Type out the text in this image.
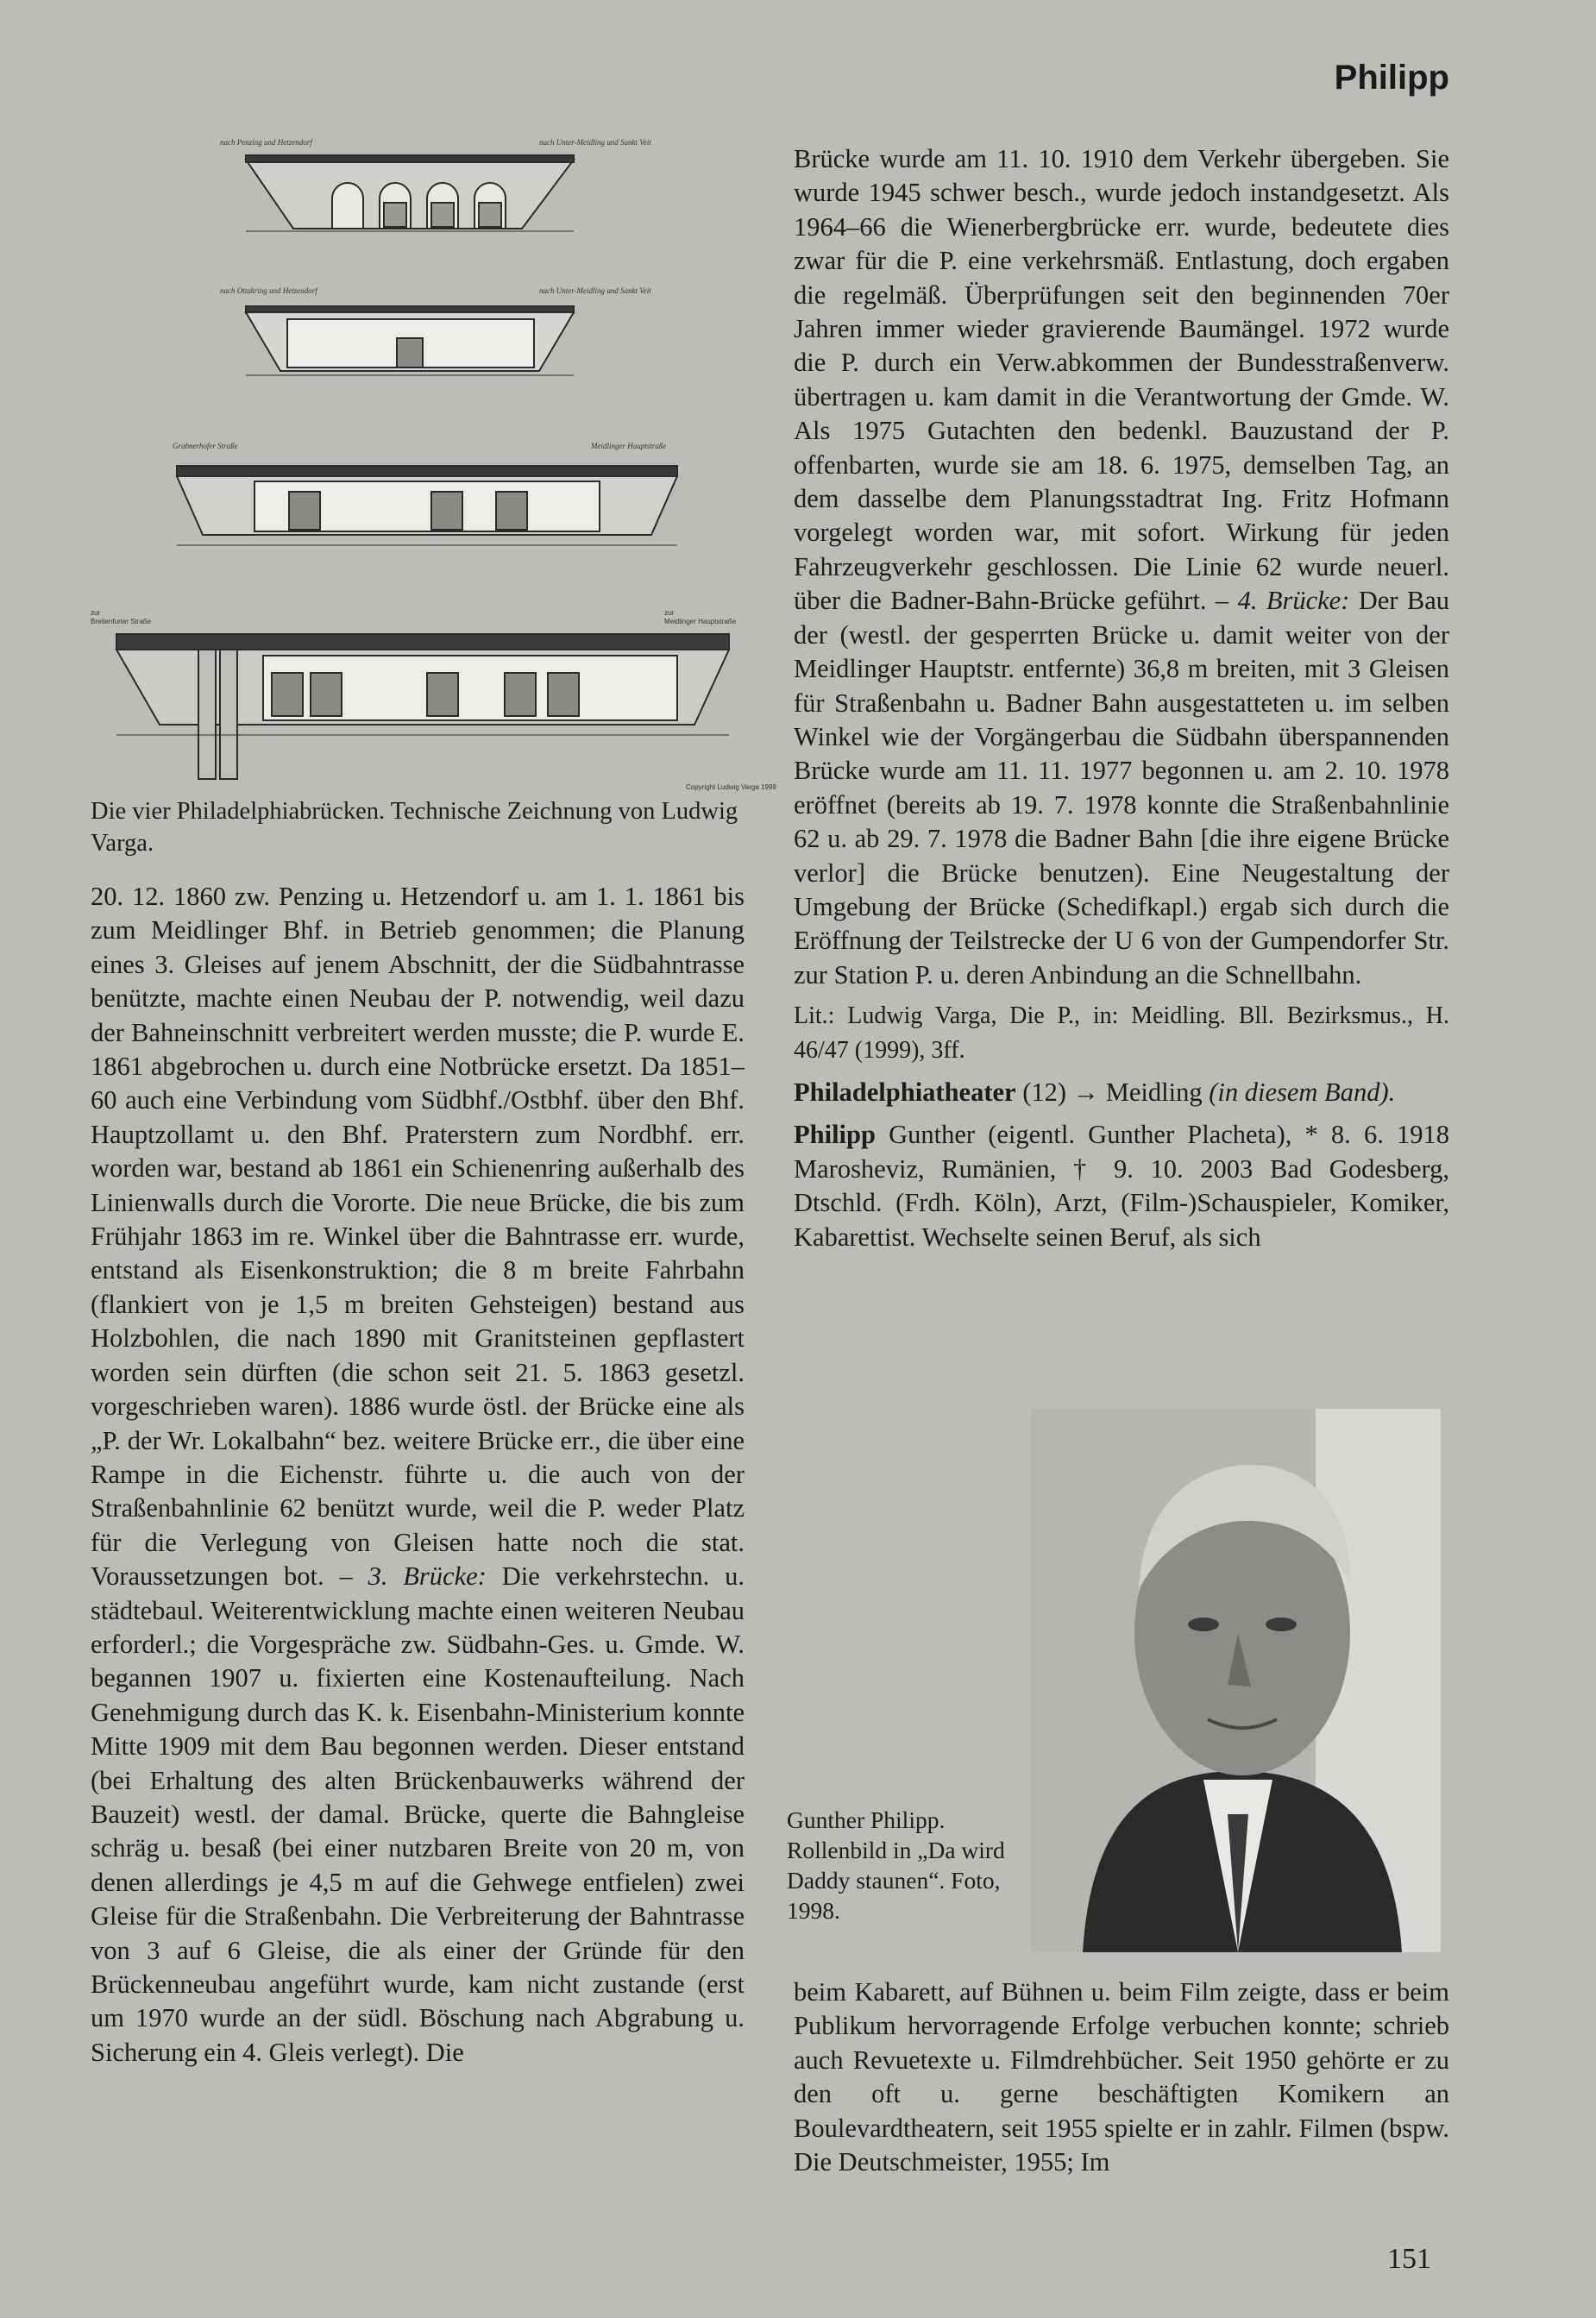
Philipp
nach Penzing und Hetzendorf	nach Unter-Meidling und Sankt Veit
nach Ottakring und Hetzendorf	nach Unter-Meidling und Sankt Veit
Grabnerhofer Straße	Meidlinger Hauptstraße
zur
Breitenfurter Straße
zur
Meidlinger Hauptstraße
Copyright Ludwig Varga 1999
Die vier Philadelphiabrücken. Technische Zeichnung von Ludwig Varga.

20. 12. 1860 zw. Penzing u. Hetzendorf u. am 1. 1. 1861 bis zum Meidlinger Bhf. in Betrieb genommen; die Planung eines 3. Gleises auf jenem Abschnitt, der die Südbahntrasse benützte, machte einen Neubau der P. notwendig, weil dazu der Bahneinschnitt verbreitert werden musste; die P. wurde E. 1861 abgebrochen u. durch eine Notbrücke ersetzt. Da 1851–60 auch eine Verbindung vom Südbhf./Ostbhf. über den Bhf. Hauptzollamt u. den Bhf. Praterstern zum Nordbhf. err. worden war, bestand ab 1861 ein Schienenring außerhalb des Linienwalls durch die Vororte. Die neue Brücke, die bis zum Frühjahr 1863 im re. Winkel über die Bahntrasse err. wurde, entstand als Eisenkonstruktion; die 8 m breite Fahrbahn (flankiert von je 1,5 m breiten Gehsteigen) bestand aus Holzbohlen, die nach 1890 mit Granitsteinen gepflastert worden sein dürften (die schon seit 21. 5. 1863 gesetzl. vorgeschrieben waren). 1886 wurde östl. der Brücke eine als „P. der Wr. Lokalbahn“ bez. weitere Brücke err., die über eine Rampe in die Eichenstr. führte u. die auch von der Straßenbahnlinie 62 benützt wurde, weil die P. weder Platz für die Verlegung von Gleisen hatte noch die stat. Voraussetzungen bot. – 3. Brücke: Die verkehrstechn. u. städtebaul. Weiterentwicklung machte einen weiteren Neubau erforderl.; die Vorgespräche zw. Südbahn-Ges. u. Gmde. W. begannen 1907 u. fixierten eine Kostenaufteilung. Nach Genehmigung durch das K. k. Eisenbahn-Ministerium konnte Mitte 1909 mit dem Bau begonnen werden. Dieser entstand (bei Erhaltung des alten Brückenbauwerks während der Bauzeit) westl. der damal. Brücke, querte die Bahngleise schräg u. besaß (bei einer nutzbaren Breite von 20 m, von denen allerdings je 4,5 m auf die Gehwege entfielen) zwei Gleise für die Straßenbahn. Die Verbreiterung der Bahntrasse von 3 auf 6 Gleise, die als einer der Gründe für den Brückenneubau angeführt wurde, kam nicht zustande (erst um 1970 wurde an der südl. Böschung nach Abgrabung u. Sicherung ein 4. Gleis verlegt). Die

Brücke wurde am 11. 10. 1910 dem Verkehr übergeben. Sie wurde 1945 schwer besch., wurde jedoch instandgesetzt. Als 1964–66 die Wienerbergbrücke err. wurde, bedeutete dies zwar für die P. eine verkehrsmäß. Entlastung, doch ergaben die regelmäß. Überprüfungen seit den beginnenden 70er Jahren immer wieder gravierende Baumängel. 1972 wurde die P. durch ein Verw.abkommen der Bundesstraßenverw. übertragen u. kam damit in die Verantwortung der Gmde. W. Als 1975 Gutachten den bedenkl. Bauzustand der P. offenbarten, wurde sie am 18. 6. 1975, demselben Tag, an dem dasselbe dem Planungsstadtrat Ing. Fritz Hofmann vorgelegt worden war, mit sofort. Wirkung für jeden Fahrzeugverkehr geschlossen. Die Linie 62 wurde neuerl. über die Badner-Bahn-Brücke geführt. – 4. Brücke: Der Bau der (westl. der gesperrten Brücke u. damit weiter von der Meidlinger Hauptstr. entfernte) 36,8 m breiten, mit 3 Gleisen für Straßenbahn u. Badner Bahn ausgestatteten u. im selben Winkel wie der Vorgängerbau die Südbahn überspannenden Brücke wurde am 11. 11. 1977 begonnen u. am 2. 10. 1978 eröffnet (bereits ab 19. 7. 1978 konnte die Straßenbahnlinie 62 u. ab 29. 7. 1978 die Badner Bahn [die ihre eigene Brücke verlor] die Brücke benutzen). Eine Neugestaltung der Umgebung der Brücke (Schedifkapl.) ergab sich durch die Eröffnung der Teilstrecke der U 6 von der Gumpendorfer Str. zur Station P. u. deren Anbindung an die Schnellbahn.

Lit.: Ludwig Varga, Die P., in: Meidling. Bll. Bezirksmus., H. 46/47 (1999), 3ff.

Philadelphiatheater (12) → Meidling (in diesem Band).

Philipp Gunther (eigentl. Gunther Placheta), * 8. 6. 1918 Marosheviz, Rumänien, † 9. 10. 2003 Bad Godesberg, Dtschld. (Frdh. Köln), Arzt, (Film-)Schauspieler, Komiker, Kabarettist. Wechselte seinen Beruf, als sich

Gunther Philipp. Rollenbild in „Da wird Daddy staunen“. Foto, 1998.

beim Kabarett, auf Bühnen u. beim Film zeigte, dass er beim Publikum hervorragende Erfolge verbuchen konnte; schrieb auch Revuetexte u. Filmdrehbücher. Seit 1950 gehörte er zu den oft u. gerne beschäftigten Komikern an Boulevardtheatern, seit 1955 spielte er in zahlr. Filmen (bspw. Die Deutschmeister, 1955; Im

151
